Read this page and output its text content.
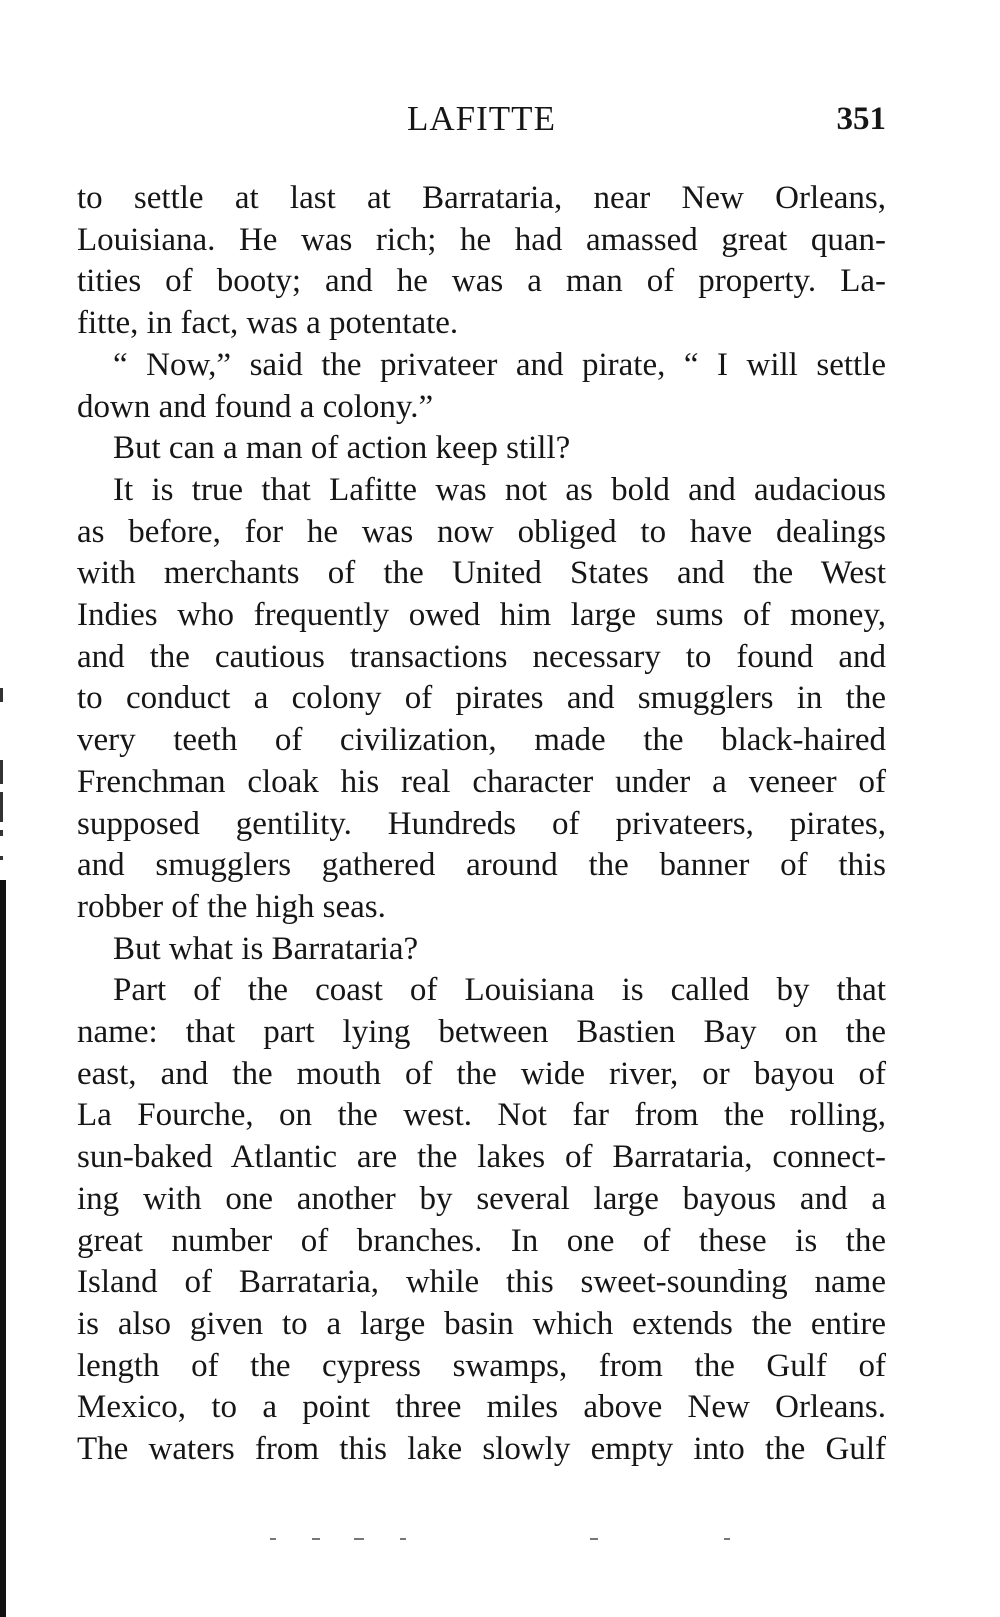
LAFITTE	351

to settle at last at Barrataria, near New Orleans,
Louisiana. He was rich; he had amassed great quan-
tities of booty; and he was a man of property. La-
fitte, in fact, was a potentate.

“ Now,” said the privateer and pirate, “ I will settle
down and found a colony.”

But can a man of action keep still?

It is true that Lafitte was not as bold and audacious
as before, for he was now obliged to have dealings
with merchants of the United States and the West
Indies who frequently owed him large sums of money,
and the cautious transactions necessary to found and
to conduct a colony of pirates and smugglers in the
very teeth of civilization, made the black-haired
Frenchman cloak his real character under a veneer of
supposed gentility. Hundreds of privateers, pirates,
and smugglers gathered around the banner of this
robber of the high seas.

But what is Barrataria?

Part of the coast of Louisiana is called by that
name: that part lying between Bastien Bay on the
east, and the mouth of the wide river, or bayou of
La Fourche, on the west. Not far from the rolling,
sun-baked Atlantic are the lakes of Barrataria, connect-
ing with one another by several large bayous and a
great number of branches. In one of these is the
Island of Barrataria, while this sweet-sounding name
is also given to a large basin which extends the entire
length of the cypress swamps, from the Gulf of
Mexico, to a point three miles above New Orleans.
The waters from this lake slowly empty into the Gulf
